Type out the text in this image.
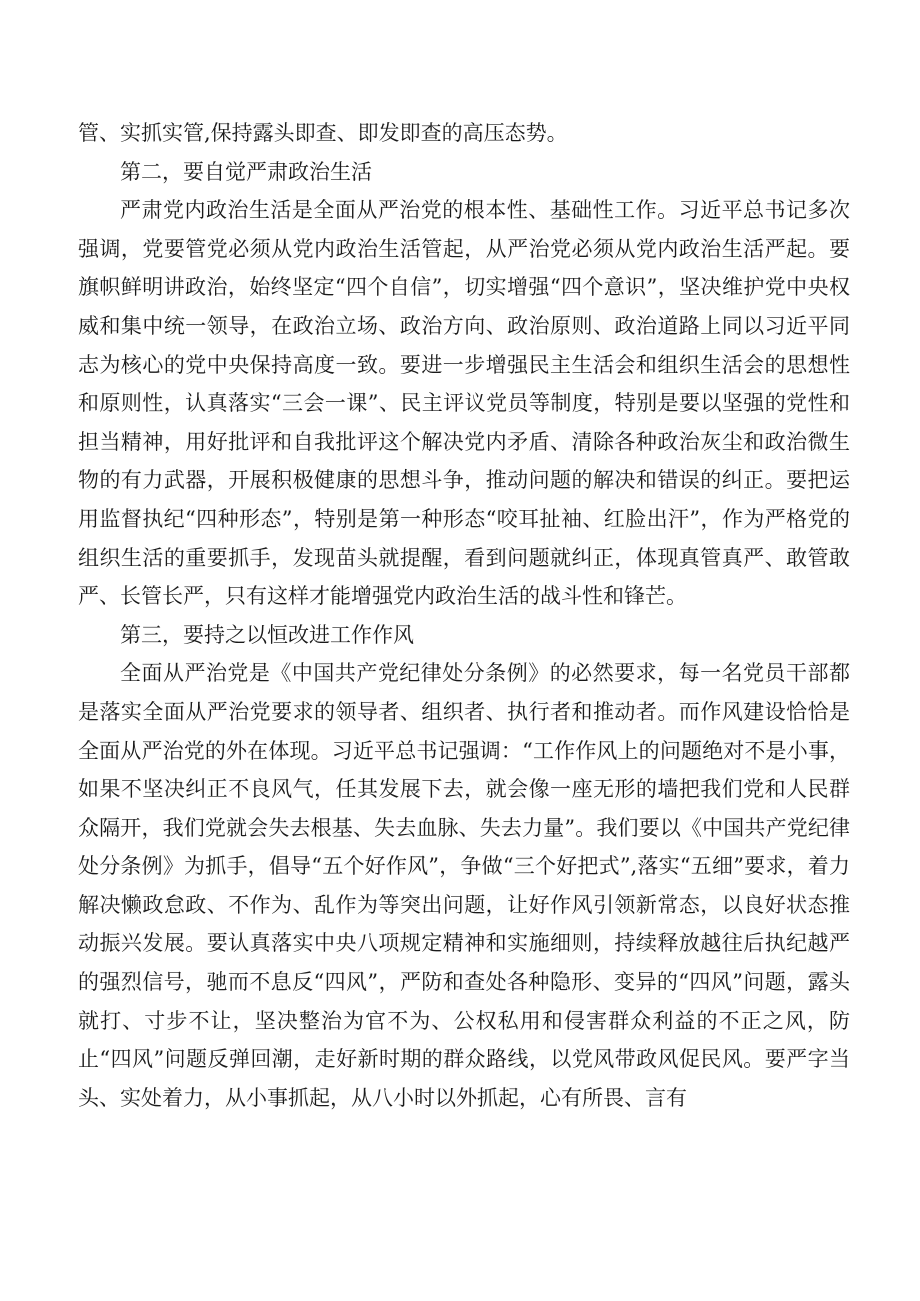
管、实抓实管,保持露头即查、即发即查的高压态势。

第二，要自觉严肃政治生活

严肃党内政治生活是全面从严治党的根本性、基础性工作。习近平总书记多次强调，党要管党必须从党内政治生活管起，从严治党必须从党内政治生活严起。要旗帜鲜明讲政治，始终坚定“四个自信”，切实增强“四个意识”，坚决维护党中央权威和集中统一领导，在政治立场、政治方向、政治原则、政治道路上同以习近平同志为核心的党中央保持高度一致。要进一步增强民主生活会和组织生活会的思想性和原则性，认真落实“三会一课”、民主评议党员等制度，特别是要以坚强的党性和担当精神，用好批评和自我批评这个解决党内矛盾、清除各种政治灰尘和政治微生物的有力武器，开展积极健康的思想斗争，推动问题的解决和错误的纠正。要把运用监督执纪“四种形态”，特别是第一种形态“咬耳扯袖、红脸出汗”，作为严格党的组织生活的重要抓手，发现苗头就提醒，看到问题就纠正，体现真管真严、敢管敢严、长管长严，只有这样才能增强党内政治生活的战斗性和锋芒。

第三，要持之以恒改进工作作风

全面从严治党是《中国共产党纪律处分条例》的必然要求，每一名党员干部都是落实全面从严治党要求的领导者、组织者、执行者和推动者。而作风建设恰恰是全面从严治党的外在体现。习近平总书记强调：“工作作风上的问题绝对不是小事，如果不坚决纠正不良风气，任其发展下去，就会像一座无形的墙把我们党和人民群众隔开，我们党就会失去根基、失去血脉、失去力量”。我们要以《中国共产党纪律处分条例》为抓手，倡导“五个好作风”，争做“三个好把式”,落实“五细”要求，着力解决懒政怠政、不作为、乱作为等突出问题，让好作风引领新常态，以良好状态推动振兴发展。要认真落实中央八项规定精神和实施细则，持续释放越往后执纪越严的强烈信号，驰而不息反“四风”，严防和查处各种隐形、变异的“四风”问题，露头就打、寸步不让，坚决整治为官不为、公权私用和侵害群众利益的不正之风，防止“四风”问题反弹回潮，走好新时期的群众路线，以党风带政风促民风。要严字当头、实处着力，从小事抓起，从八小时以外抓起，心有所畏、言有
